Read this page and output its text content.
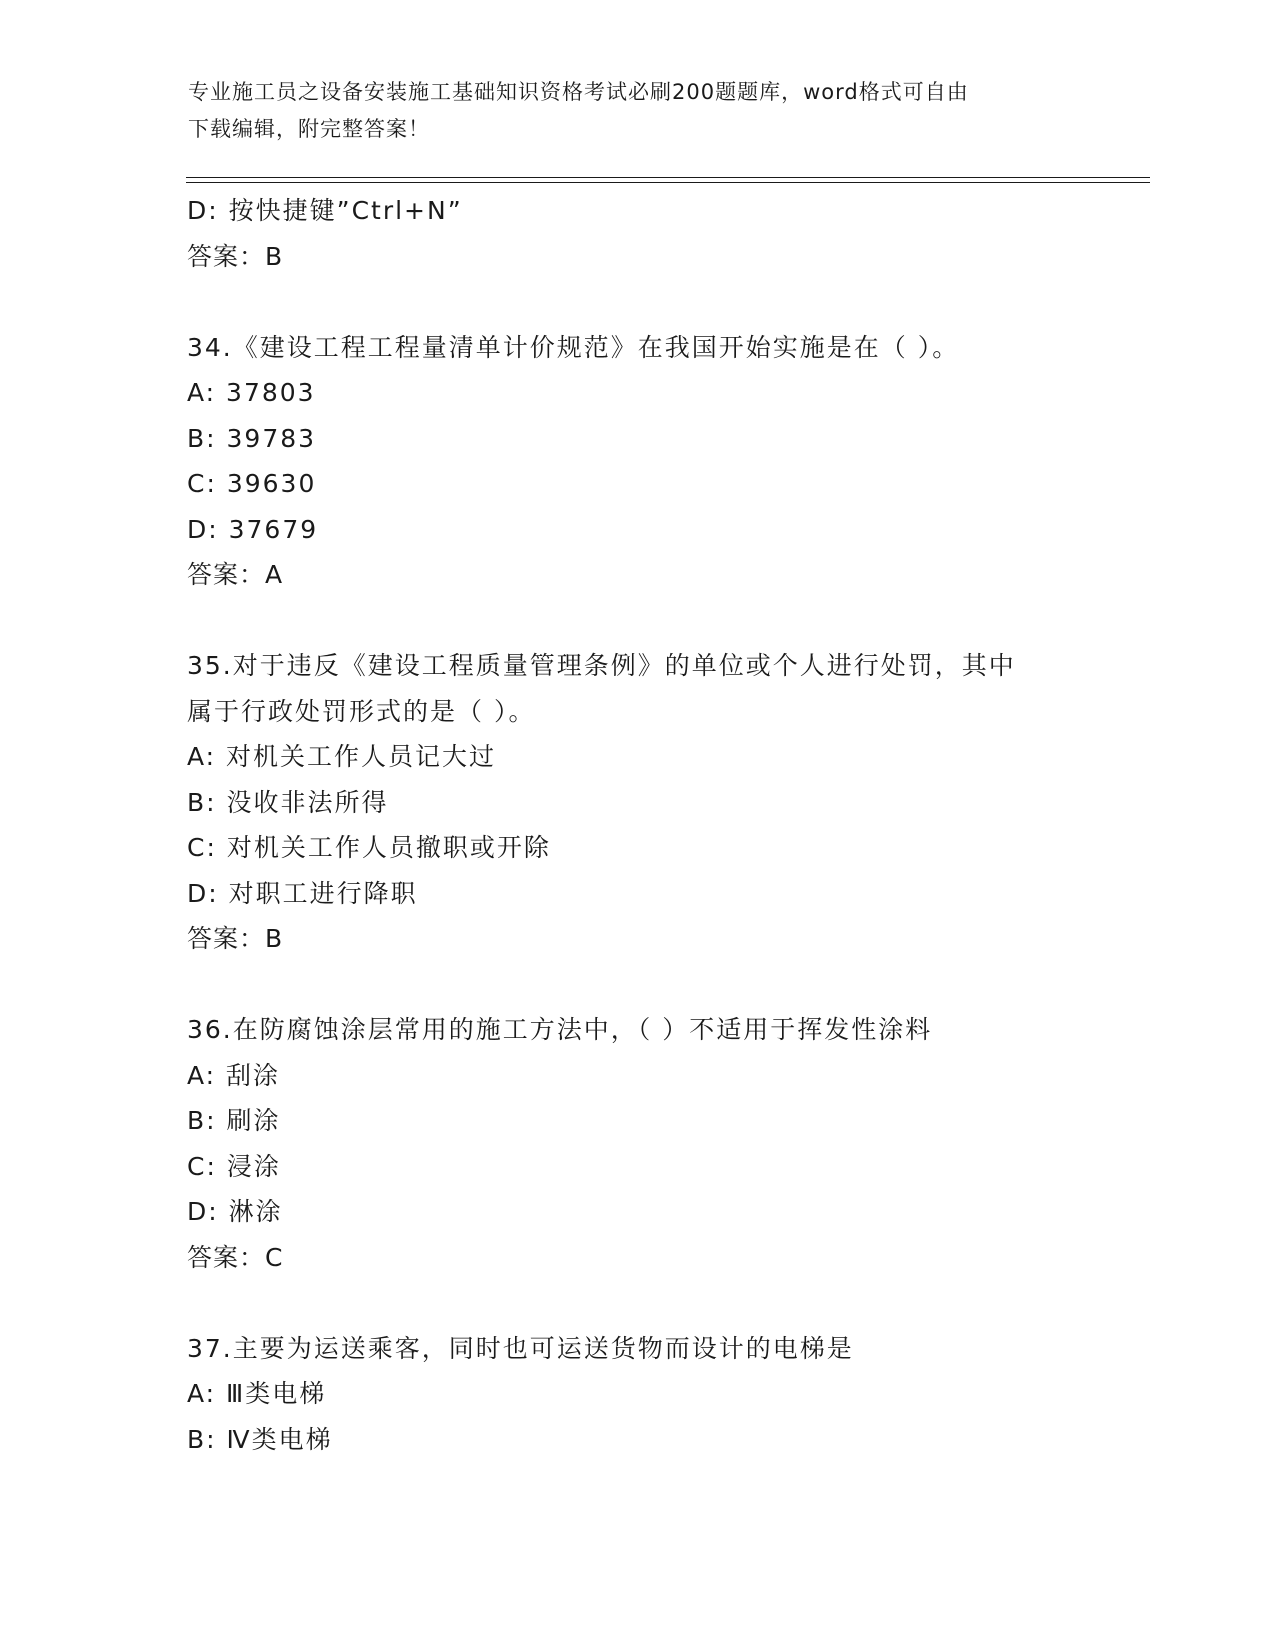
专业施工员之设备安装施工基础知识资格考试必刷200题题库，word格式可自由

下载编辑，附完整答案！

D: 按快捷键”Ctrl+N”
答案：B
34.《建设工程工程量清单计价规范》在我国开始实施是在（ ）。
A: 37803
B: 39783
C: 39630
D: 37679
答案：A
35.对于违反《建设工程质量管理条例》的单位或个人进行处罚，其中
属于行政处罚形式的是（ ）。
A: 对机关工作人员记大过
B: 没收非法所得
C: 对机关工作人员撤职或开除
D: 对职工进行降职
答案：B
36.在防腐蚀涂层常用的施工方法中，（ ）不适用于挥发性涂料
A: 刮涂
B: 刷涂
C: 浸涂
D: 淋涂
答案：C
37.主要为运送乘客，同时也可运送货物而设计的电梯是
A: Ⅲ类电梯
B: Ⅳ类电梯
